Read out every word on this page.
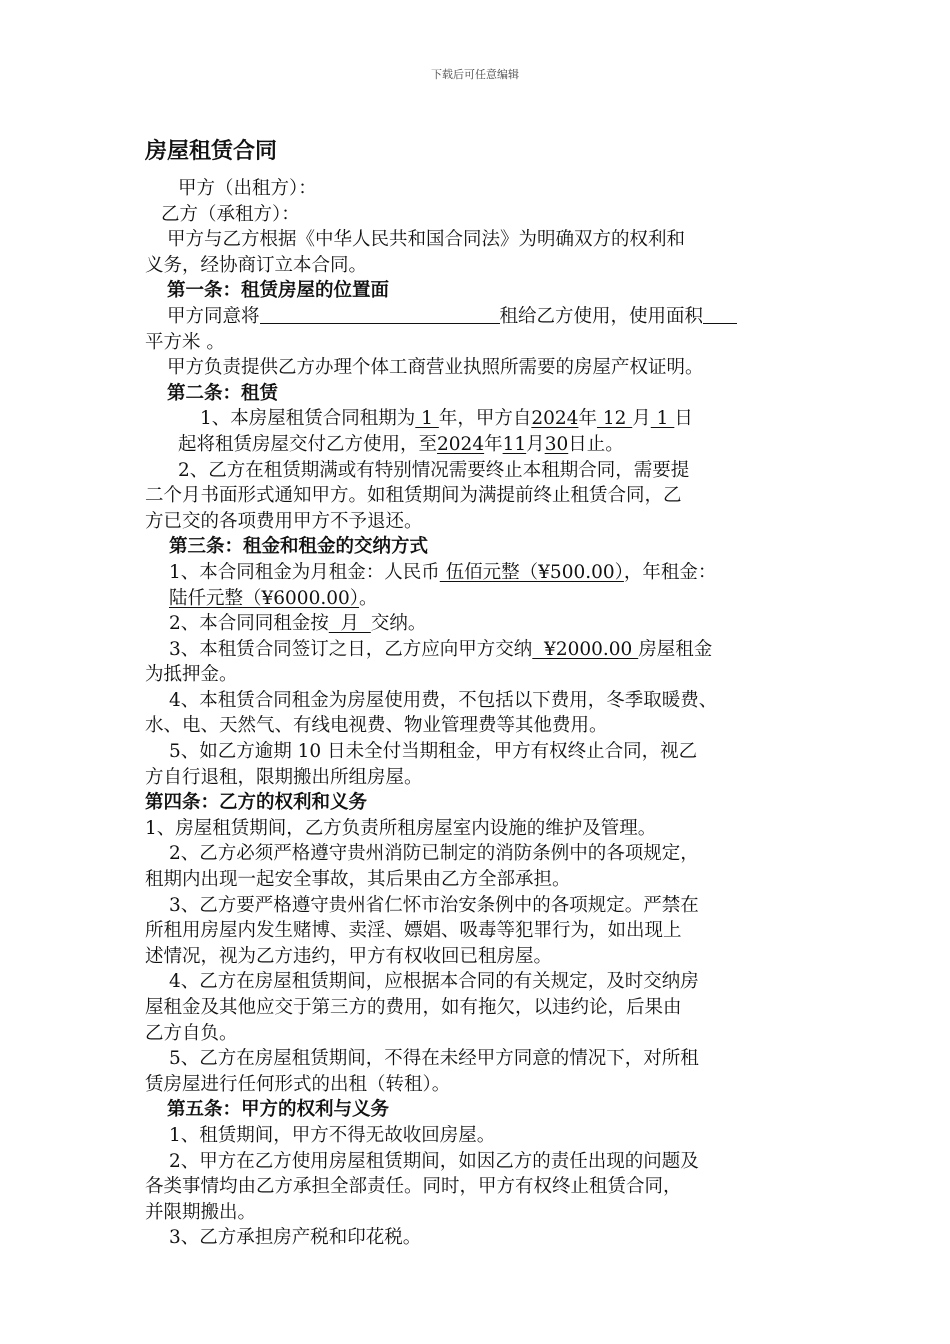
下载后可任意编辑
房屋租赁合同
甲方（出租方）：
乙方（承租方）：
甲方与乙方根据《中华人民共和国合同法》为明确双方的权利和
义务，经协商订立本合同。
第一条：租赁房屋的位置面
甲方同意将	租给乙方使用，使用面积
平方米 。
甲方负责提供乙方办理个体工商营业执照所需要的房屋产权证明。
第二条：租赁
1、本房屋租赁合同租期为 1 年，甲方自2024年 12 月 1 日
起将租赁房屋交付乙方使用，至2024年11月30日止。
2、乙方在租赁期满或有特别情况需要终止本租期合同，需要提
二个月书面形式通知甲方。如租赁期间为满提前终止租赁合同，乙
方已交的各项费用甲方不予退还。
第三条：租金和租金的交纳方式
1、本合同租金为月租金：人民币 伍佰元整（¥500.00），年租金：
陆仟元整（¥6000.00）。
2、本合同同租金按  月  交纳。
3、本租赁合同签订之日，乙方应向甲方交纳  ¥2000.00 房屋租金
为抵押金。
4、本租赁合同租金为房屋使用费，不包括以下费用，冬季取暖费、
水、电、天然气、有线电视费、物业管理费等其他费用。
5、如乙方逾期 10 日未全付当期租金，甲方有权终止合同，视乙
方自行退租，限期搬出所组房屋。
第四条：乙方的权利和义务
1、房屋租赁期间，乙方负责所租房屋室内设施的维护及管理。
2、乙方必须严格遵守贵州消防已制定的消防条例中的各项规定，
租期内出现一起安全事故，其后果由乙方全部承担。
3、乙方要严格遵守贵州省仁怀市治安条例中的各项规定。严禁在
所租用房屋内发生赌博、卖淫、嫖娼、吸毒等犯罪行为，如出现上
述情况，视为乙方违约，甲方有权收回已租房屋。
4、乙方在房屋租赁期间，应根据本合同的有关规定，及时交纳房
屋租金及其他应交于第三方的费用，如有拖欠，以违约论，后果由
乙方自负。
5、乙方在房屋租赁期间，不得在未经甲方同意的情况下，对所租
赁房屋进行任何形式的出租（转租）。
第五条：甲方的权利与义务
1、租赁期间，甲方不得无故收回房屋。
2、甲方在乙方使用房屋租赁期间，如因乙方的责任出现的问题及
各类事情均由乙方承担全部责任。同时，甲方有权终止租赁合同，
并限期搬出。
3、乙方承担房产税和印花税。
